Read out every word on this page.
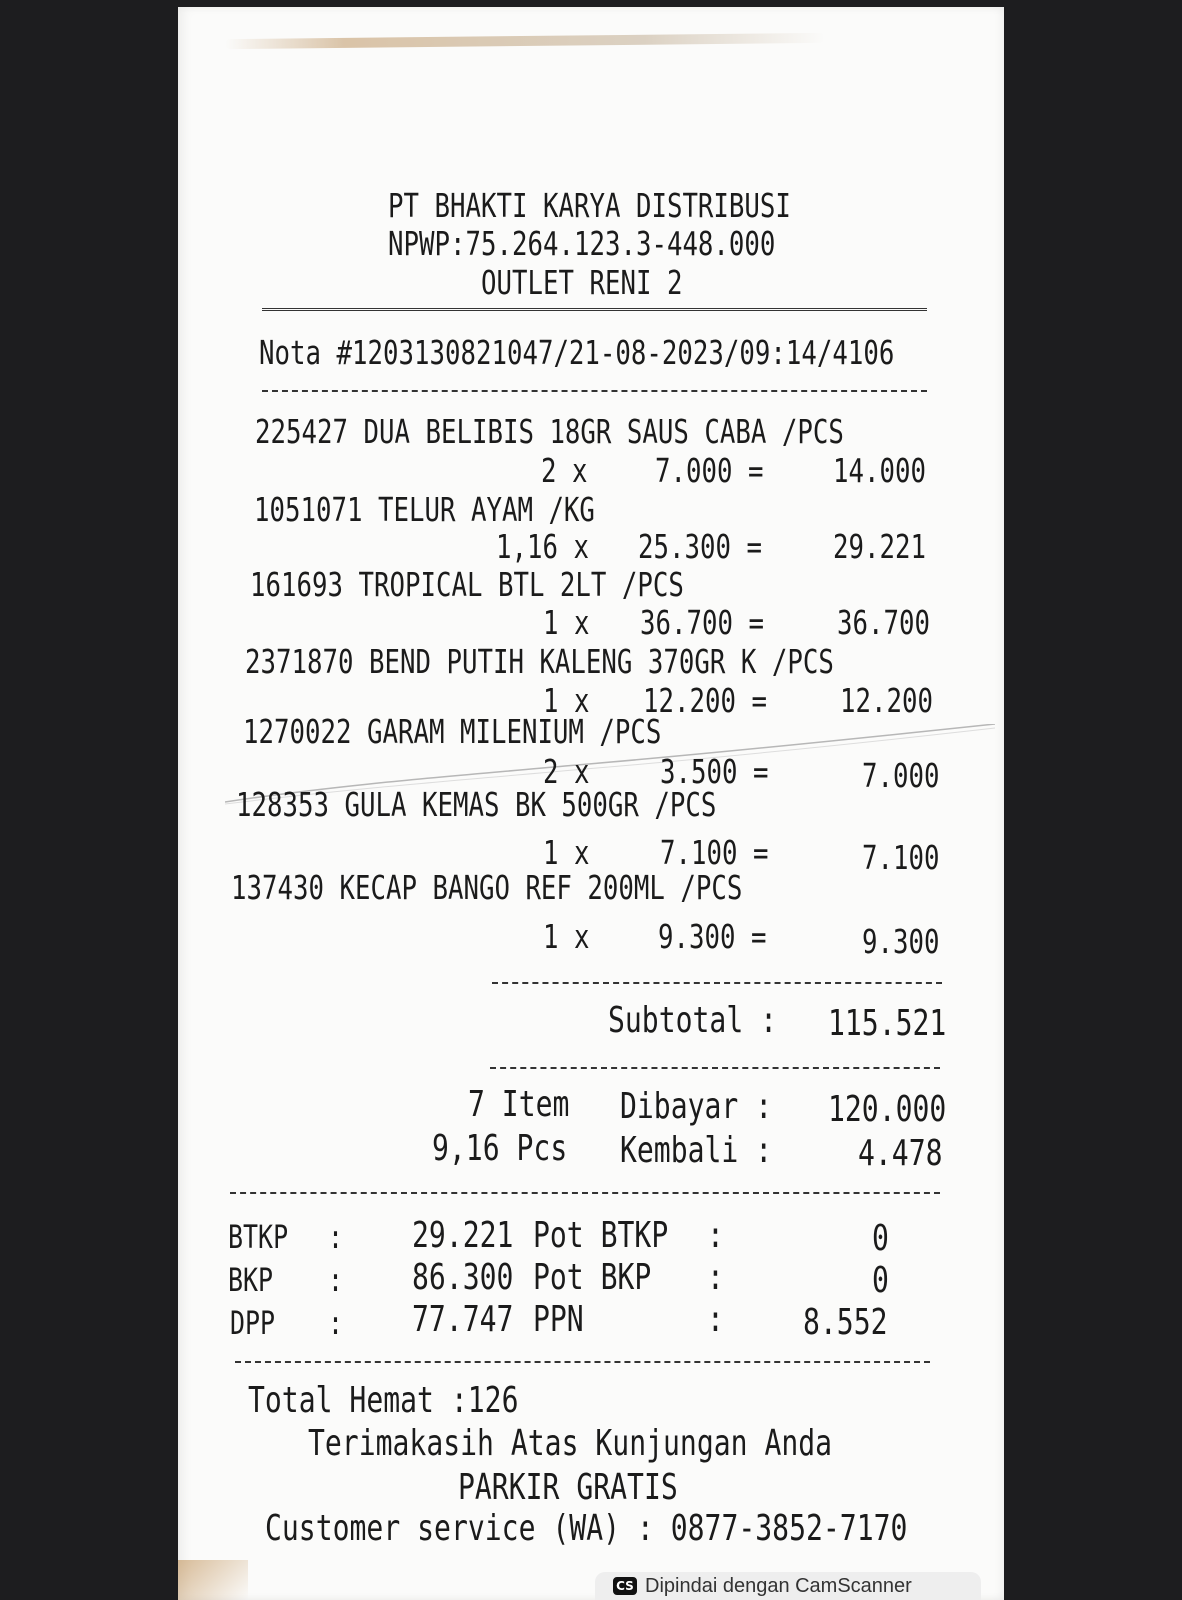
PT BHAKTI KARYA DISTRIBUSI
NPWP:75.264.123.3-448.000
OUTLET RENI 2
Nota #1203130821047/21-08-2023/09:14/4106
225427 DUA BELIBIS 18GR SAUS CABA /PCS
2 x 7.000 = 14.000
1051071 TELUR AYAM /KG
1,16 x 25.300 = 29.221
161693 TROPICAL BTL 2LT /PCS
1 x 36.700 = 36.700
2371870 BEND PUTIH KALENG 370GR K /PCS
1 x 12.200 = 12.200
1270022 GARAM MILENIUM /PCS
2 x 3.500 =	7.000
128353 GULA KEMAS BK 500GR /PCS
1 x 7.100 =	7.100
137430 KECAP BANGO REF 200ML /PCS
1 x 9.300 =	9.300
Subtotal : 115.521
7 Item Dibayar : 120.000
9,16 Pcs Kembali : 4.478
BTKP : 29.221 Pot BTKP :	0
BKP : 86.300 Pot BKP :	0
DPP : 77.747 PPN	: 8.552
Total Hemat :126
Terimakasih Atas Kunjungan Anda
PARKIR GRATIS
Customer service (WA) : 0877-3852-7170
CS Dipindai dengan CamScanner
